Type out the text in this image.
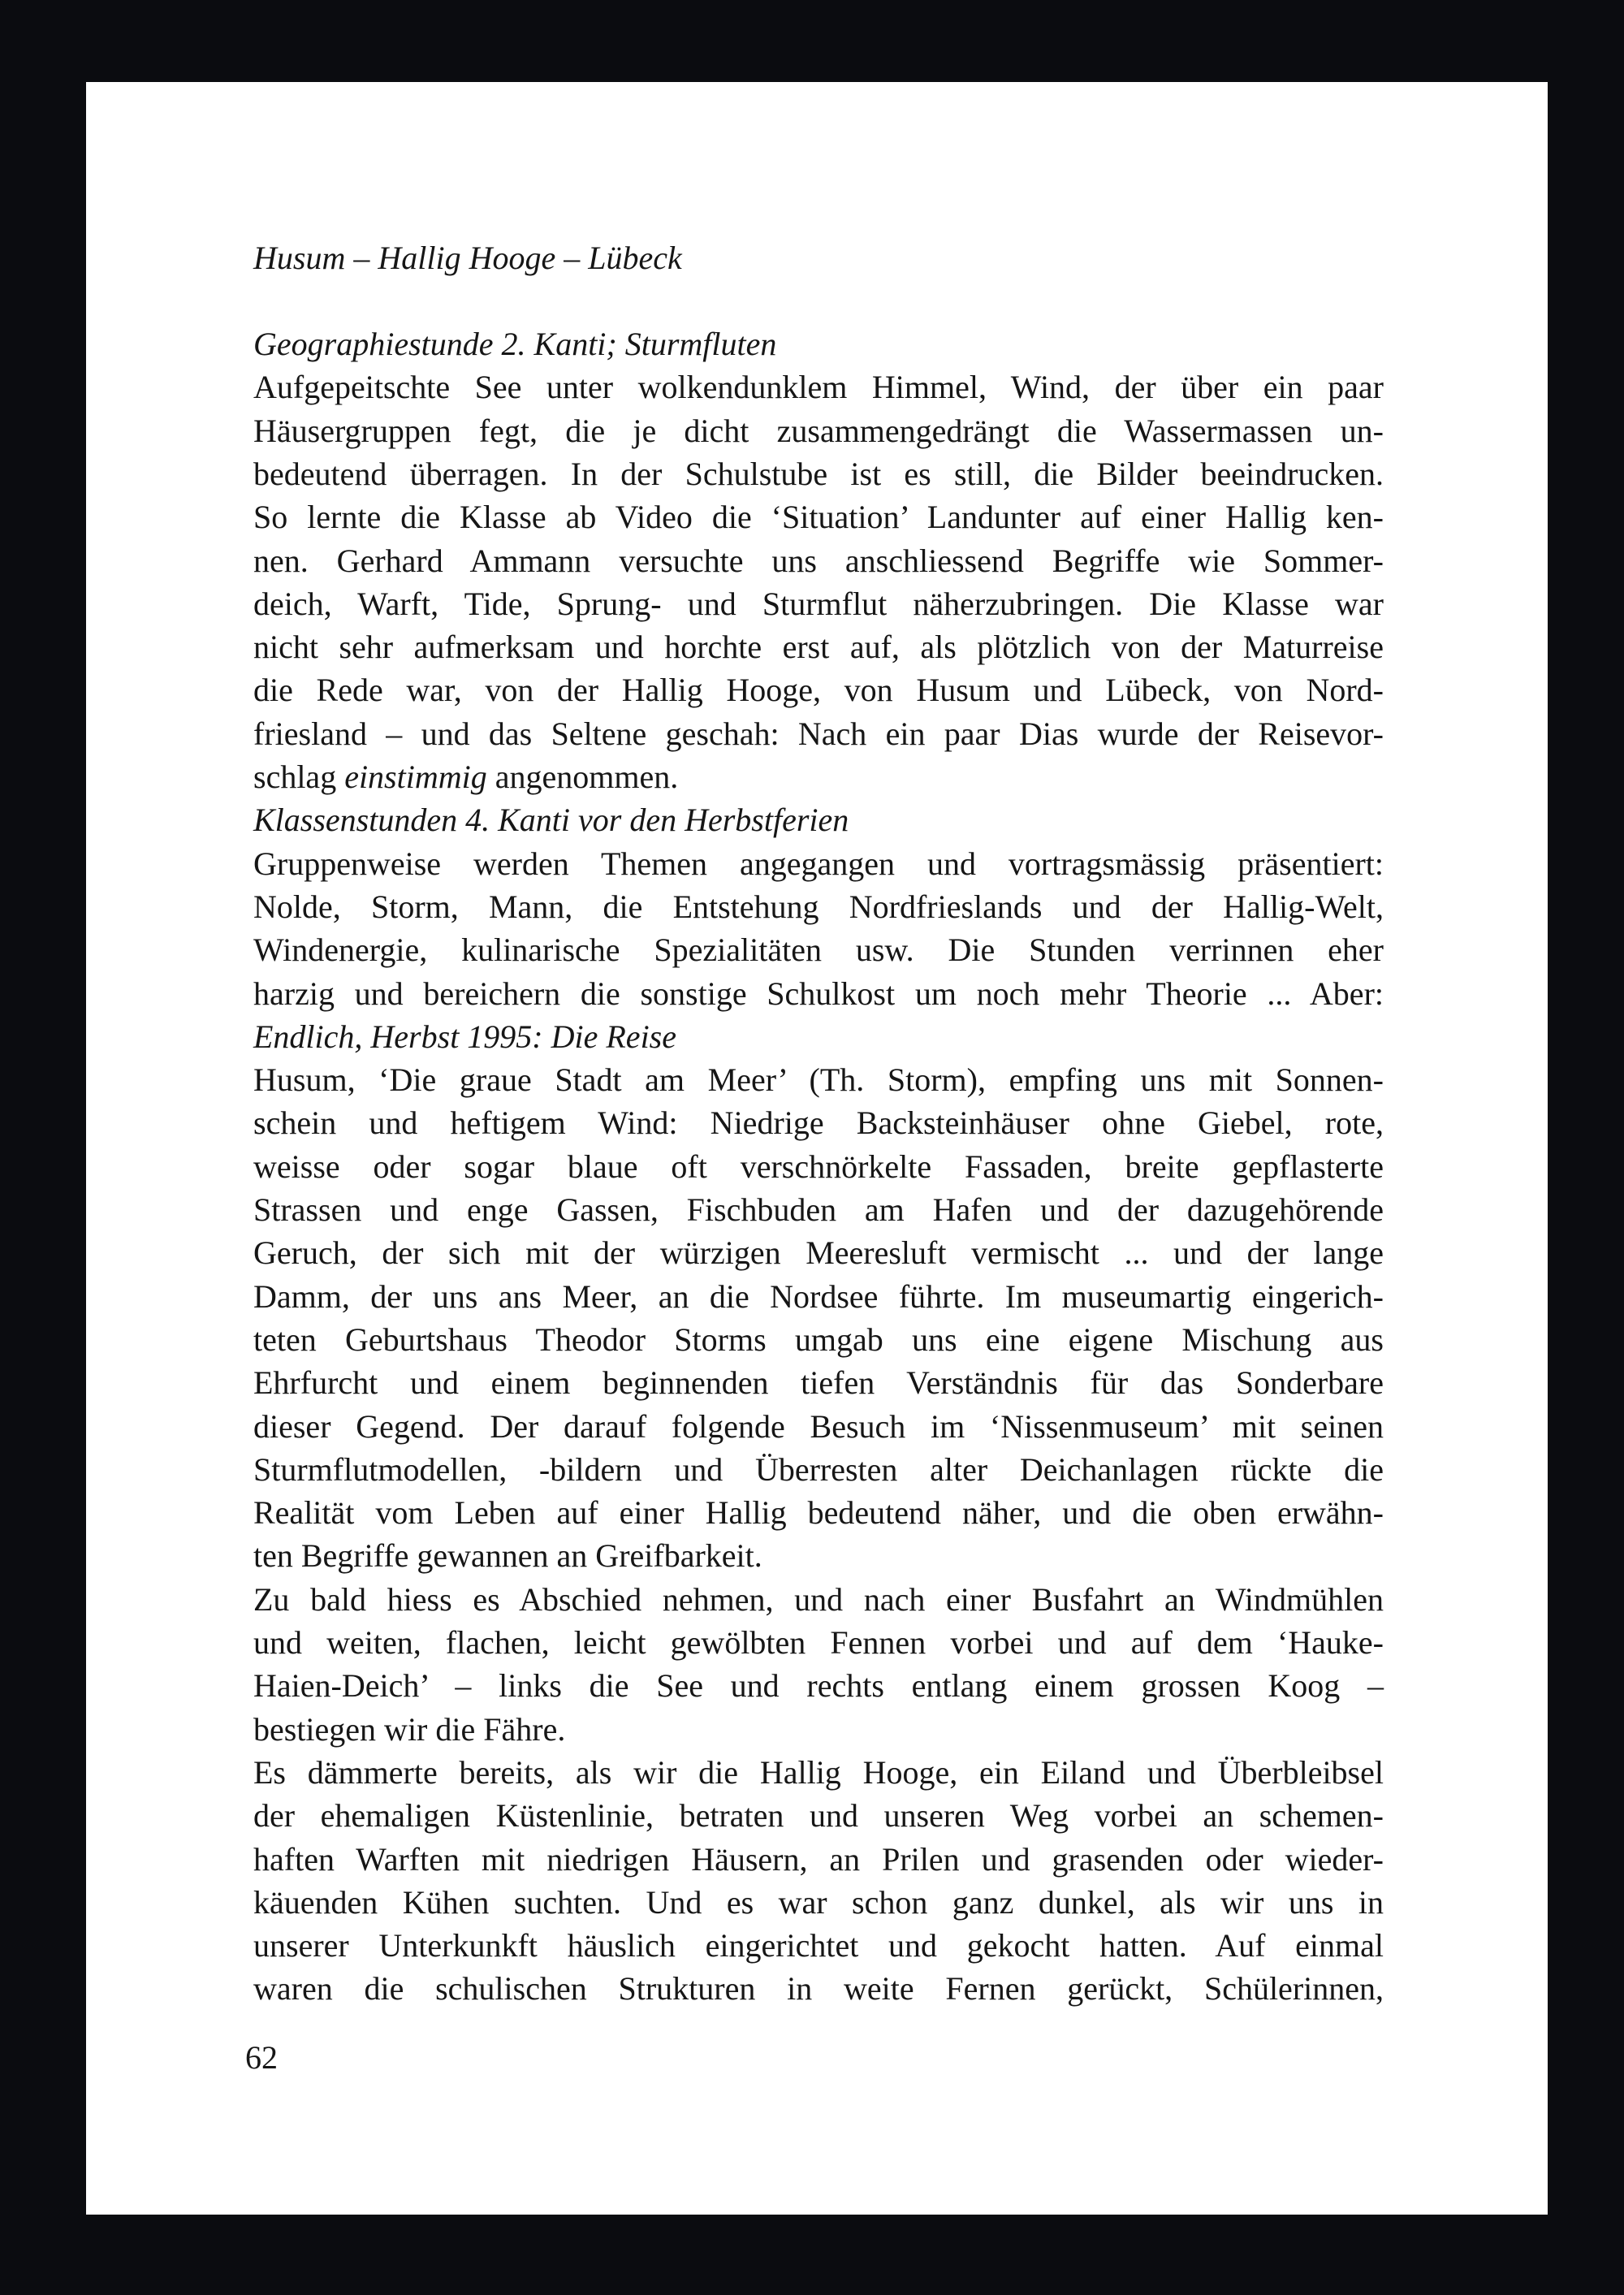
Husum – Hallig Hooge – Lübeck
Geographiestunde 2. Kanti; Sturmfluten
Aufgepeitschte See unter wolkendunklem Himmel, Wind, der über ein paar
Häusergruppen fegt, die je dicht zusammengedrängt die Wassermassen un-
bedeutend überragen. In der Schulstube ist es still, die Bilder beeindrucken.
So lernte die Klasse ab Video die ‘Situation’ Landunter auf einer Hallig ken-
nen. Gerhard Ammann versuchte uns anschliessend Begriffe wie Sommer-
deich, Warft, Tide, Sprung- und Sturmflut näherzubringen. Die Klasse war
nicht sehr aufmerksam und horchte erst auf, als plötzlich von der Maturreise
die Rede war, von der Hallig Hooge, von Husum und Lübeck, von Nord-
friesland – und das Seltene geschah: Nach ein paar Dias wurde der Reisevor-
schlag einstimmig angenommen.
Klassenstunden 4. Kanti vor den Herbstferien
Gruppenweise werden Themen angegangen und vortragsmässig präsentiert:
Nolde, Storm, Mann, die Entstehung Nordfrieslands und der Hallig-Welt,
Windenergie, kulinarische Spezialitäten usw. Die Stunden verrinnen eher
harzig und bereichern die sonstige Schulkost um noch mehr Theorie ... Aber:
Endlich, Herbst 1995: Die Reise
Husum, ‘Die graue Stadt am Meer’ (Th. Storm), empfing uns mit Sonnen-
schein und heftigem Wind: Niedrige Backsteinhäuser ohne Giebel, rote,
weisse oder sogar blaue oft verschnörkelte Fassaden, breite gepflasterte
Strassen und enge Gassen, Fischbuden am Hafen und der dazugehörende
Geruch, der sich mit der würzigen Meeresluft vermischt ... und der lange
Damm, der uns ans Meer, an die Nordsee führte. Im museumartig eingerich-
teten Geburtshaus Theodor Storms umgab uns eine eigene Mischung aus
Ehrfurcht und einem beginnenden tiefen Verständnis für das Sonderbare
dieser Gegend. Der darauf folgende Besuch im ‘Nissenmuseum’ mit seinen
Sturmflutmodellen, -bildern und Überresten alter Deichanlagen rückte die
Realität vom Leben auf einer Hallig bedeutend näher, und die oben erwähn-
ten Begriffe gewannen an Greifbarkeit.
Zu bald hiess es Abschied nehmen, und nach einer Busfahrt an Windmühlen
und weiten, flachen, leicht gewölbten Fennen vorbei und auf dem ‘Hauke-
Haien-Deich’ – links die See und rechts entlang einem grossen Koog –
bestiegen wir die Fähre.
Es dämmerte bereits, als wir die Hallig Hooge, ein Eiland und Überbleibsel
der ehemaligen Küstenlinie, betraten und unseren Weg vorbei an schemen-
haften Warften mit niedrigen Häusern, an Prilen und grasenden oder wieder-
käuenden Kühen suchten. Und es war schon ganz dunkel, als wir uns in
unserer Unterkunkft häuslich eingerichtet und gekocht hatten. Auf einmal
waren die schulischen Strukturen in weite Fernen gerückt, Schülerinnen,
62
